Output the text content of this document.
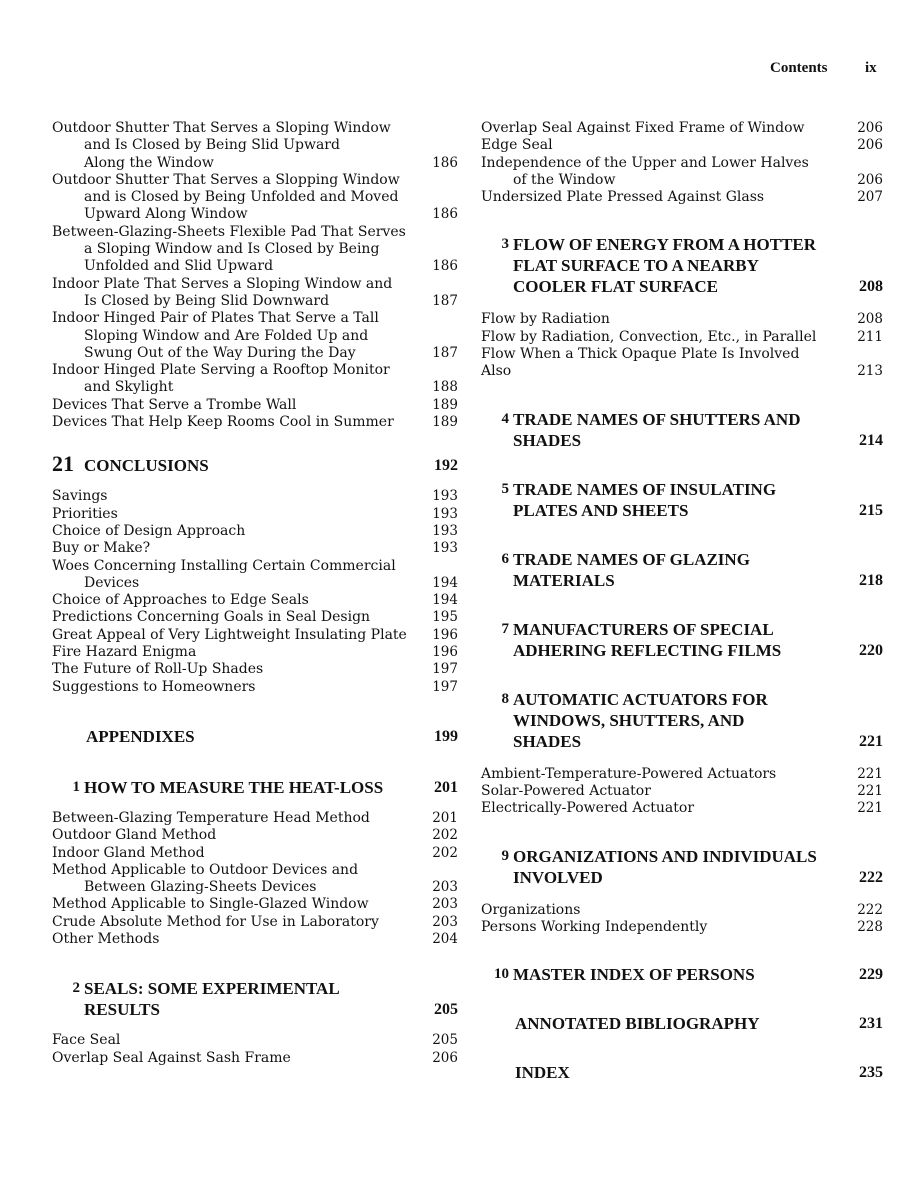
Contents ix
Outdoor Shutter That Serves a Sloping Window
and Is Closed by Being Slid Upward
Along the Window	186
Outdoor Shutter That Serves a Slopping Window
and is Closed by Being Unfolded and Moved
Upward Along Window	186
Between-Glazing-Sheets Flexible Pad That Serves
a Sloping Window and Is Closed by Being
Unfolded and Slid Upward	186
Indoor Plate That Serves a Sloping Window and
Is Closed by Being Slid Downward	187
Indoor Hinged Pair of Plates That Serve a Tall
Sloping Window and Are Folded Up and
Swung Out of the Way During the Day	187
Indoor Hinged Plate Serving a Rooftop Monitor
and Skylight	188
Devices That Serve a Trombe Wall	189
Devices That Help Keep Rooms Cool in Summer	189
21 CONCLUSIONS	192
Savings	193
Priorities	193
Choice of Design Approach	193
Buy or Make?	193
Woes Concerning Installing Certain Commercial
Devices	194
Choice of Approaches to Edge Seals	194
Predictions Concerning Goals in Seal Design	195
Great Appeal of Very Lightweight Insulating Plate 196
Fire Hazard Enigma	196
The Future of Roll-Up Shades	197
Suggestions to Homeowners	197
APPENDIXES	199
1 HOW TO MEASURE THE HEAT-LOSS	201
Between-Glazing Temperature Head Method	201
Outdoor Gland Method	202
Indoor Gland Method	202
Method Applicable to Outdoor Devices and
Between Glazing-Sheets Devices	203
Method Applicable to Single-Glazed Window	203
Crude Absolute Method for Use in Laboratory	203
Other Methods	204
2 SEALS: SOME EXPERIMENTAL
RESULTS	205
Face Seal	205
Overlap Seal Against Sash Frame	206
Overlap Seal Against Fixed Frame of Window	206
Edge Seal	206
Independence of the Upper and Lower Halves
of the Window	206
Undersized Plate Pressed Against Glass	207
3 FLOW OF ENERGY FROM A HOTTER
FLAT SURFACE TO A NEARBY
COOLER FLAT SURFACE	208
Flow by Radiation	208
Flow by Radiation, Convection, Etc., in Parallel	211
Flow When a Thick Opaque Plate Is Involved Also	213
4 TRADE NAMES OF SHUTTERS AND
SHADES	214
5 TRADE NAMES OF INSULATING
PLATES AND SHEETS	215
6 TRADE NAMES OF GLAZING
MATERIALS	218
7 MANUFACTURERS OF SPECIAL
ADHERING REFLECTING FILMS	220
8 AUTOMATIC ACTUATORS FOR
WINDOWS, SHUTTERS, AND
SHADES	221
Ambient-Temperature-Powered Actuators	221
Solar-Powered Actuator	221
Electrically-Powered Actuator	221
9 ORGANIZATIONS AND INDIVIDUALS
INVOLVED	222
Organizations	222
Persons Working Independently	228
10 MASTER INDEX OF PERSONS	229
ANNOTATED BIBLIOGRAPHY	231
INDEX	235
